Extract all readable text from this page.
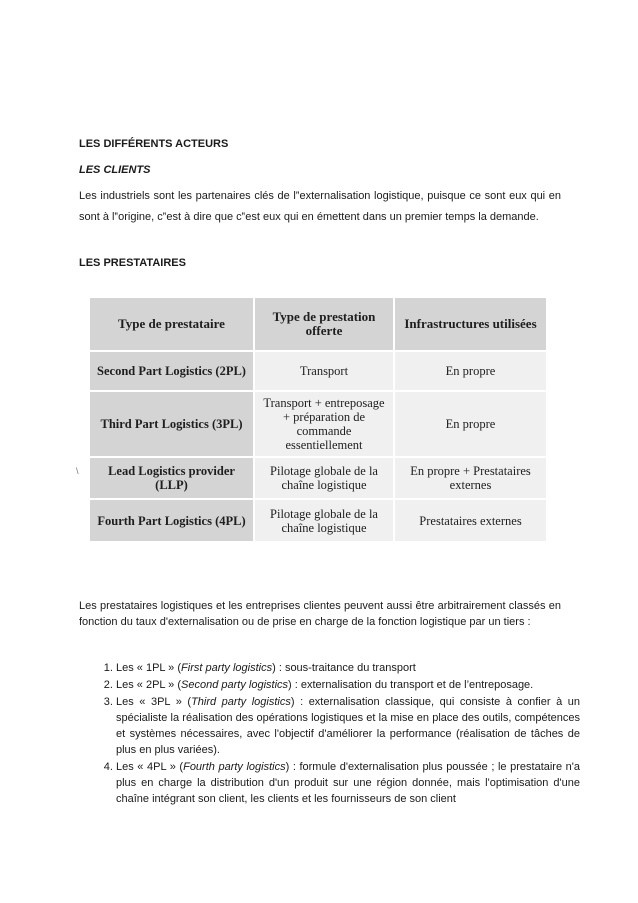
LES DIFFÉRENTS ACTEURS
LES CLIENTS
Les industriels sont les partenaires clés de l‟externalisation logistique, puisque ce sont eux qui en sont à l‟origine, c‟est à dire que c‟est eux qui en émettent dans un premier temps la demande.
LES PRESTATAIRES
\
Type de prestataire	Type de prestation offerte	Infrastructures utilisées
Second Part Logistics (2PL)	Transport	En propre
Third Part Logistics (3PL)	Transport + entreposage + préparation de commande essentiellement	En propre
Lead Logistics provider (LLP)	Pilotage globale de la chaîne logistique	En propre + Prestataires externes
Fourth Part Logistics (4PL)	Pilotage globale de la chaîne logistique	Prestataires externes
Les prestataires logistiques et les entreprises clientes peuvent aussi être arbitrairement classés en fonction du taux d'externalisation ou de prise en charge de la fonction logistique par un tiers :
1. Les « 1PL » (First party logistics) : sous-traitance du transport
2. Les « 2PL » (Second party logistics) : externalisation du transport et de l’entreposage.
3. Les « 3PL » (Third party logistics) : externalisation classique, qui consiste à confier à un spécialiste la réalisation des opérations logistiques et la mise en place des outils, compétences et systèmes nécessaires, avec l'objectif d'améliorer la performance (réalisation de tâches de plus en plus variées).
4. Les « 4PL » (Fourth party logistics) : formule d'externalisation plus poussée ; le prestataire n'a plus en charge la distribution d'un produit sur une région donnée, mais l'optimisation d'une chaîne intégrant son client, les clients et les fournisseurs de son client
